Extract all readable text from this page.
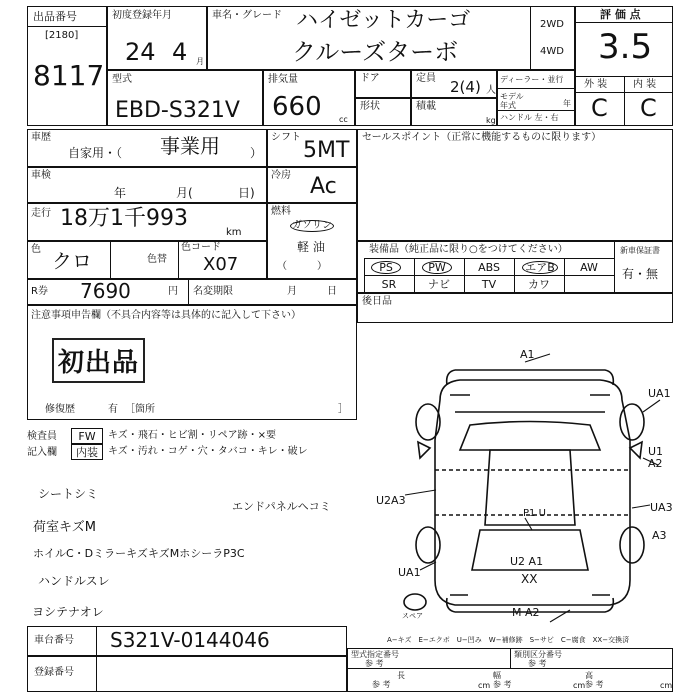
出品番号
[2180]
8117
初度登録年月
24 4 月
車名・グレード ハイゼットカーゴ
クルーズターボ
2WD
4WD
評 価 点
3.5
外 装	内 装
C C
型式
EBD-S321V
排気量
660 cc
ドア	定員 2(4) 人
形状	積載
kg
ディーラー・並行
モデル 年式	年
ハンドル 左・右
車歴
自家用・（ 事業用	）
シフト
5MT
車検
年	月(	日)
冷房 Ac
走行 18万1千993
km
燃料
ガソリン
軽 油
（　　　）
色 クロ	色替
色コード
X07
R券 7690	円 名変期限	月	日
セールスポイント（正常に機能するものに限ります）
装備品（純正品に限り○をつけてください）	新車保証書
有・無
PS	PW	ABS	エアB	AW
SR	ナビ	TV	カワ
後日品
注意事項申告欄（不具合内容等は具体的に記入して下さい）
初出品
修復歴	有 ［箇所	］
検査員
記入欄
FW	キズ・飛石・ヒビ割・リペア跡・×要
内装	キズ・汚れ・コゲ・穴・タバコ・キレ・破レ
シートシミ
荷室キズM
ホイルC・DミラーキズキズMホシーラP3C
ハンドルスレ
ヨシテナオレ
エンドパネルヘコミ
A1
UA1
U1 A2
UA3
U2A3
UA1
P1 U
U2 A1
XX
M A2
A3
スペア
A−キズ　E−エクボ　U−凹み　W−補修跡　S−サビ　C−腐食　XX−交換済
車台番号 S321V-0144046
登録番号
型式指定番号
参 考
類別区分番号
参 考
長
参 考	cm
幅
参 考	cm
高
参 考	cm
